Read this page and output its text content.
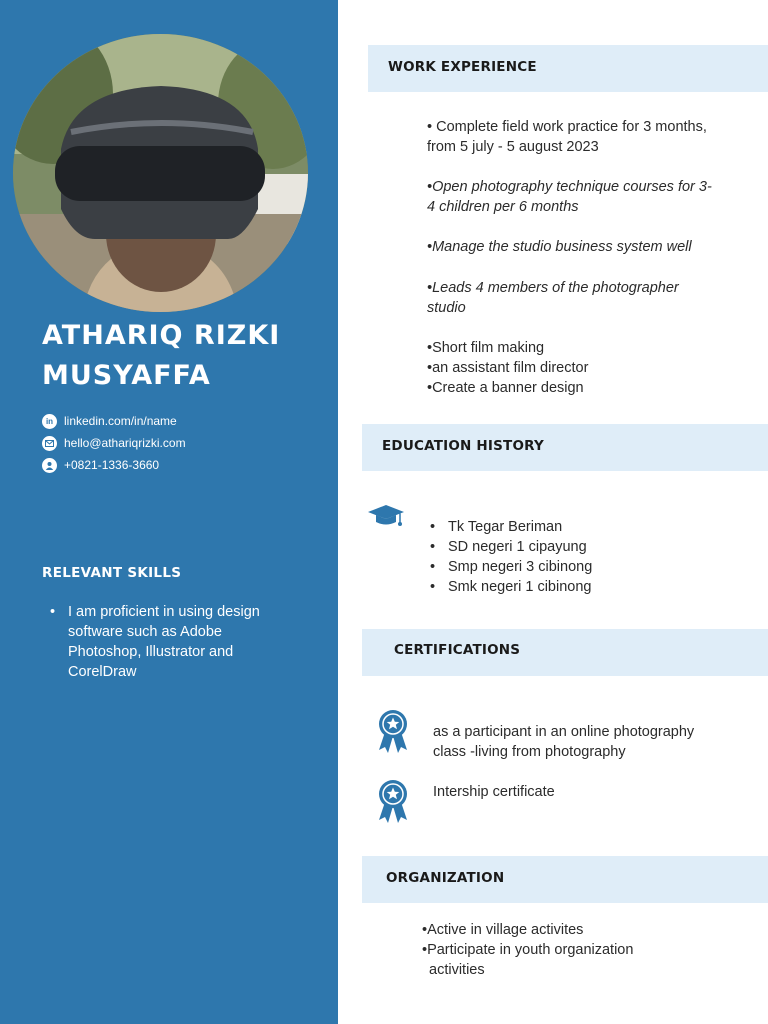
ATHARIQ RIZKI MUSYAFFA
in linkedin.com/in/name
hello@athariqrizki.com
+0821-1336-3660
RELEVANT SKILLS
• I am proficient in using design software such as Adobe Photoshop, Illustrator and CorelDraw
WORK EXPERIENCE
• Complete field work practice for 3 months, from 5 july - 5 august 2023
•Open photography technique courses for 3-4 children per 6 months
•Manage the studio business system well
•Leads 4 members of the photographer studio
•Short film making
•an assistant film director
•Create a banner design
EDUCATION HISTORY
• Tk Tegar Beriman
• SD negeri 1 cipayung
• Smp negeri 3 cibinong
• Smk negeri 1 cibinong
CERTIFICATIONS
as a participant in an online photography class -living from photography
Intership certificate
ORGANIZATION
•Active in village activites
•Participate in youth organization activities
